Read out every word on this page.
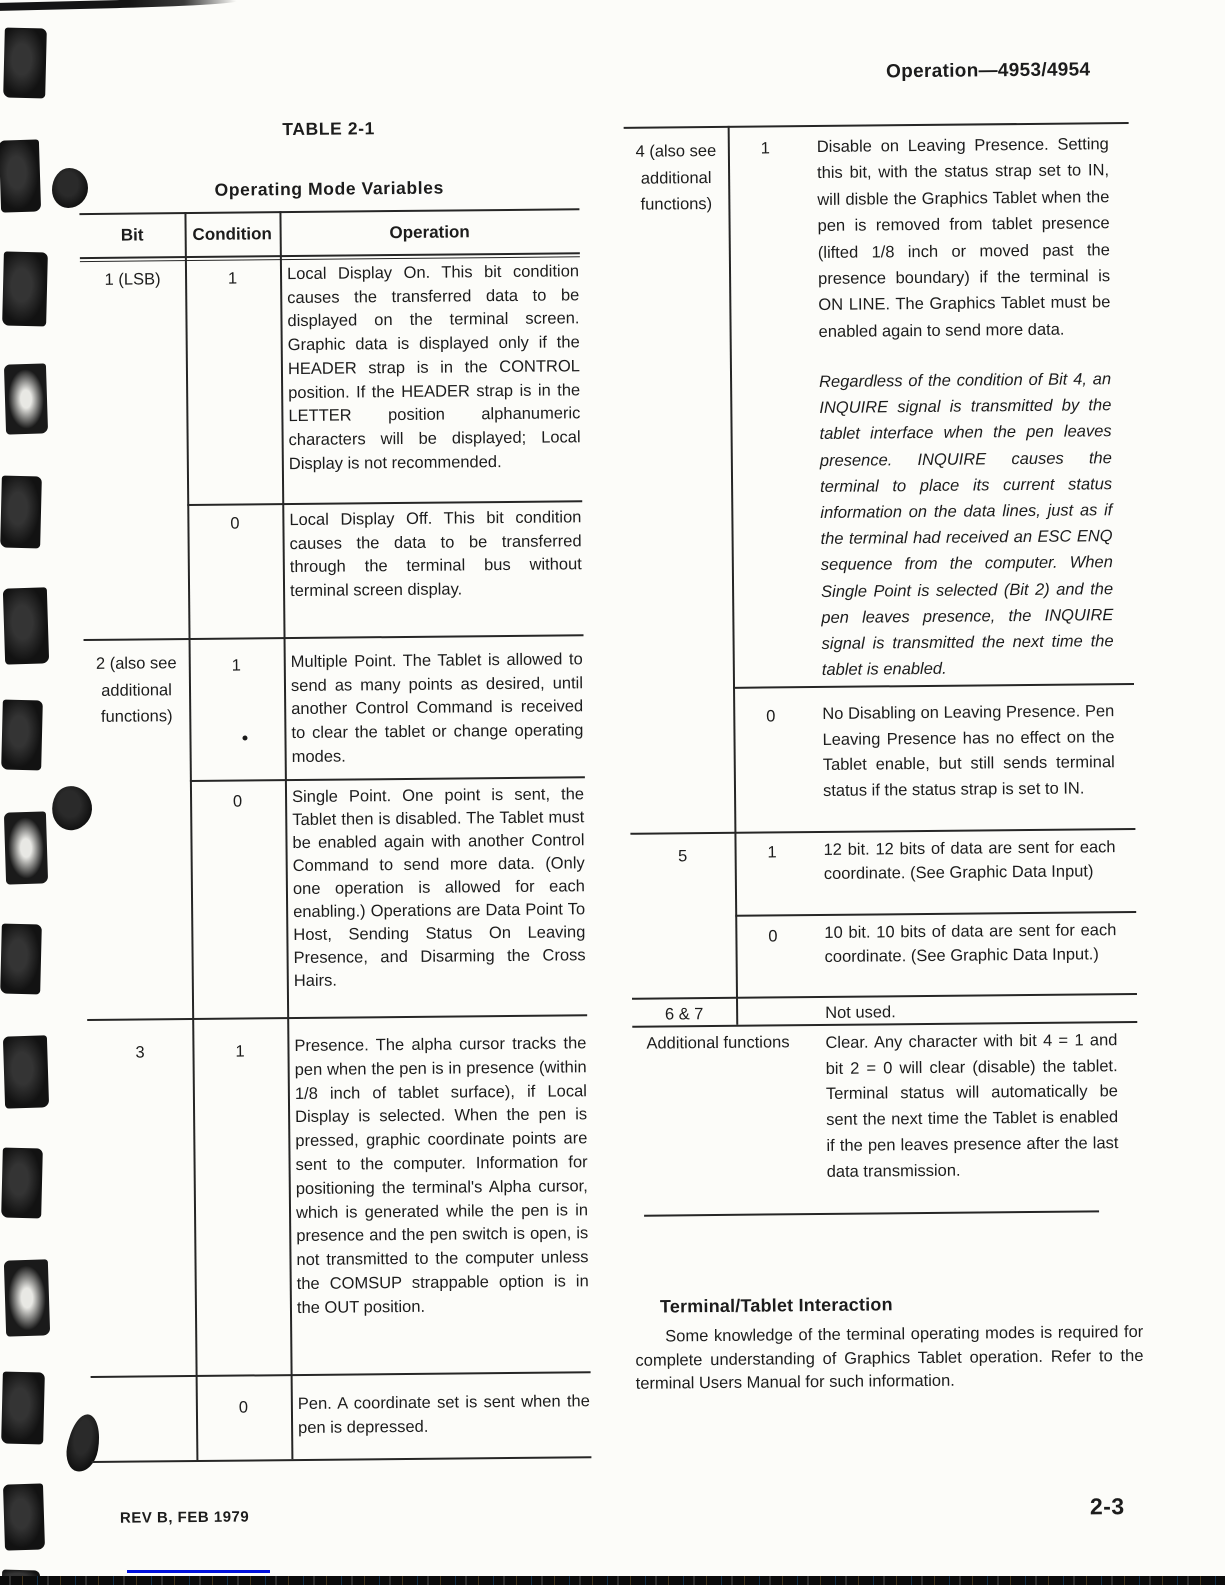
Operation—4953/4954
TABLE 2-1
Operating Mode Variables
Bit	Condition	Operation
1 (LSB)	1	Local Display On. This bit condition causes the transferred data to be displayed on the terminal screen. Graphic data is displayed only if the HEADER strap is in the CONTROL position. If the HEADER strap is in the LETTER position alphanumeric characters will be displayed; Local Display is not recommended.
0	Local Display Off. This bit condition causes the data to be transferred through the terminal bus without terminal screen display.
2 (also see additional functions)
1	Multiple Point. The Tablet is allowed to send as many points as desired, until another Control Command is received to clear the tablet or change operating modes.
0	Single Point. One point is sent, the Tablet then is disabled. The Tablet must be enabled again with another Control Command to send more data. (Only one operation is allowed for each enabling.) Operations are Data Point To Host, Sending Status On Leaving Presence, and Disarming the Cross Hairs.
3	1	Presence. The alpha cursor tracks the pen when the pen is in presence (within 1/8 inch of tablet surface), if Local Display is selected. When the pen is pressed, graphic coordinate points are sent to the computer. Information for positioning the terminal's Alpha cursor, which is generated while the pen is in presence and the pen switch is open, is not transmitted to the computer unless the COMSUP strappable option is in the OUT position.
0	Pen. A coordinate set is sent when the pen is depressed.
REV B, FEB 1979
4 (also see additional functions)
1	Disable on Leaving Presence. Setting this bit, with the status strap set to IN, will disble the Graphics Tablet when the pen is removed from tablet presence (lifted 1/8 inch or moved past the presence boundary) if the terminal is ON LINE. The Graphics Tablet must be enabled again to send more data.
Regardless of the condition of Bit 4, an INQUIRE signal is transmitted by the tablet interface when the pen leaves presence. INQUIRE causes the terminal to place its current status information on the data lines, just as if the terminal had received an ESC ENQ sequence from the computer. When Single Point is selected (Bit 2) and the pen leaves presence, the INQUIRE signal is transmitted the next time the tablet is enabled.
0	No Disabling on Leaving Presence. Pen Leaving Presence has no effect on the Tablet enable, but still sends terminal status if the status strap is set to IN.
5	1	12 bit. 12 bits of data are sent for each coordinate. (See Graphic Data Input)
0	10 bit. 10 bits of data are sent for each coordinate. (See Graphic Data Input.)
6 & 7	Not used.
Additional functions	Clear. Any character with bit 4 = 1 and bit 2 = 0 will clear (disable) the tablet. Terminal status will automatically be sent the next time the Tablet is enabled if the pen leaves presence after the last data transmission.
Terminal/Tablet Interaction
Some knowledge of the terminal operating modes is required for complete understanding of Graphics Tablet operation. Refer to the terminal Users Manual for such information.
2-3
